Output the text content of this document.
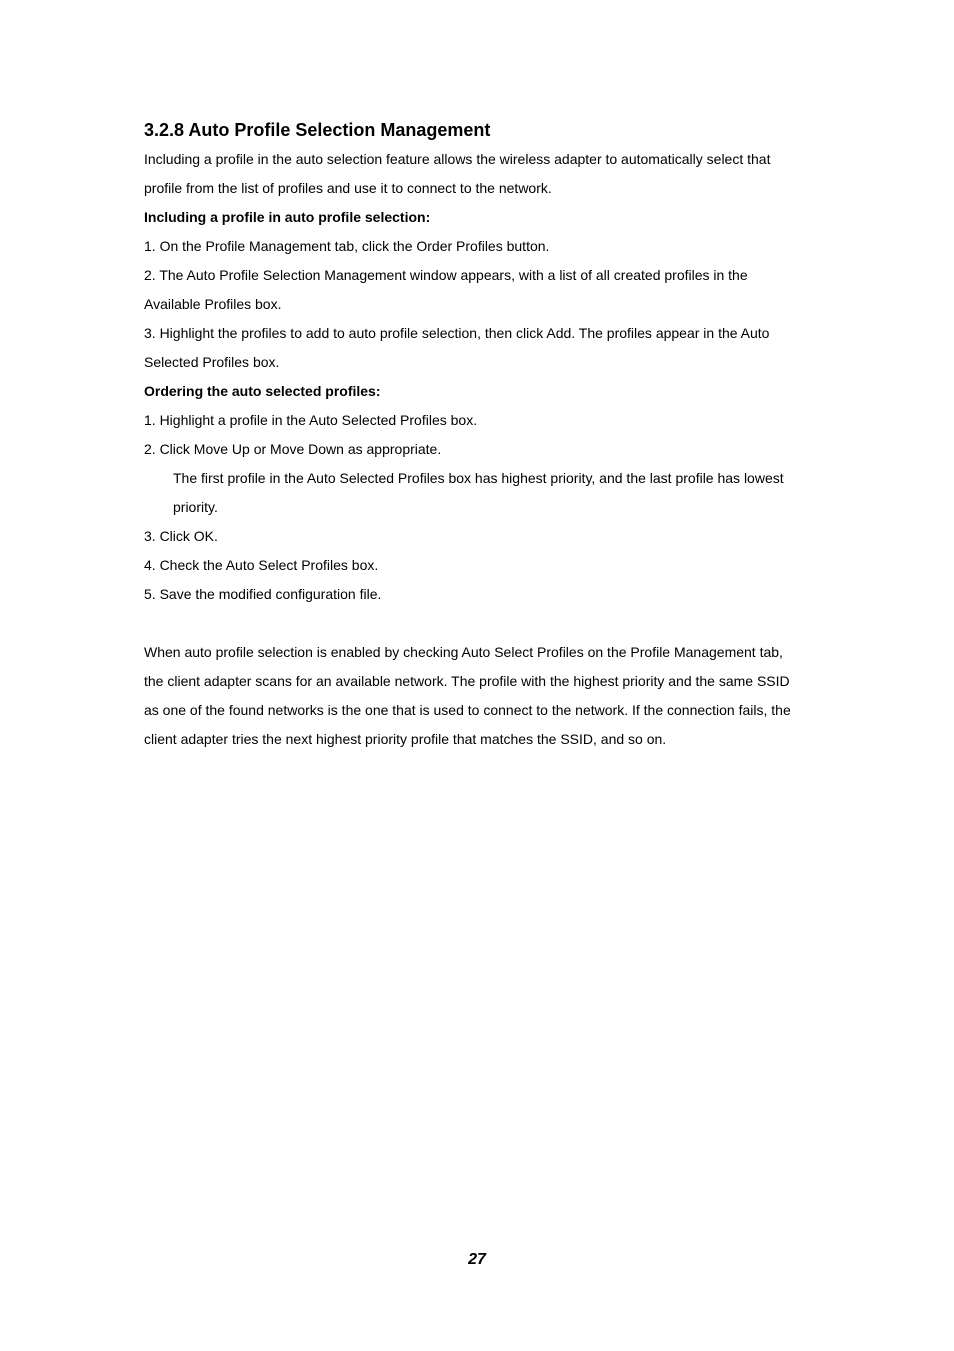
3.2.8 Auto Profile Selection Management

Including a profile in the auto selection feature allows the wireless adapter to automatically select that

profile from the list of profiles and use it to connect to the network.

Including a profile in auto profile selection:

1. On the Profile Management tab, click the Order Profiles button.

2. The Auto Profile Selection Management window appears, with a list of all created profiles in the

Available Profiles box.

3. Highlight the profiles to add to auto profile selection, then click Add. The profiles appear in the Auto

Selected Profiles box.

Ordering the auto selected profiles:

1. Highlight a profile in the Auto Selected Profiles box.

2. Click Move Up or Move Down as appropriate.

The first profile in the Auto Selected Profiles box has highest priority, and the last profile has lowest

priority.

3. Click OK.

4. Check the Auto Select Profiles box.

5. Save the modified configuration file.

When auto profile selection is enabled by checking Auto Select Profiles on the Profile Management tab,

the client adapter scans for an available network. The profile with the highest priority and the same SSID

as one of the found networks is the one that is used to connect to the network. If the connection fails, the

client adapter tries the next highest priority profile that matches the SSID, and so on.

27
